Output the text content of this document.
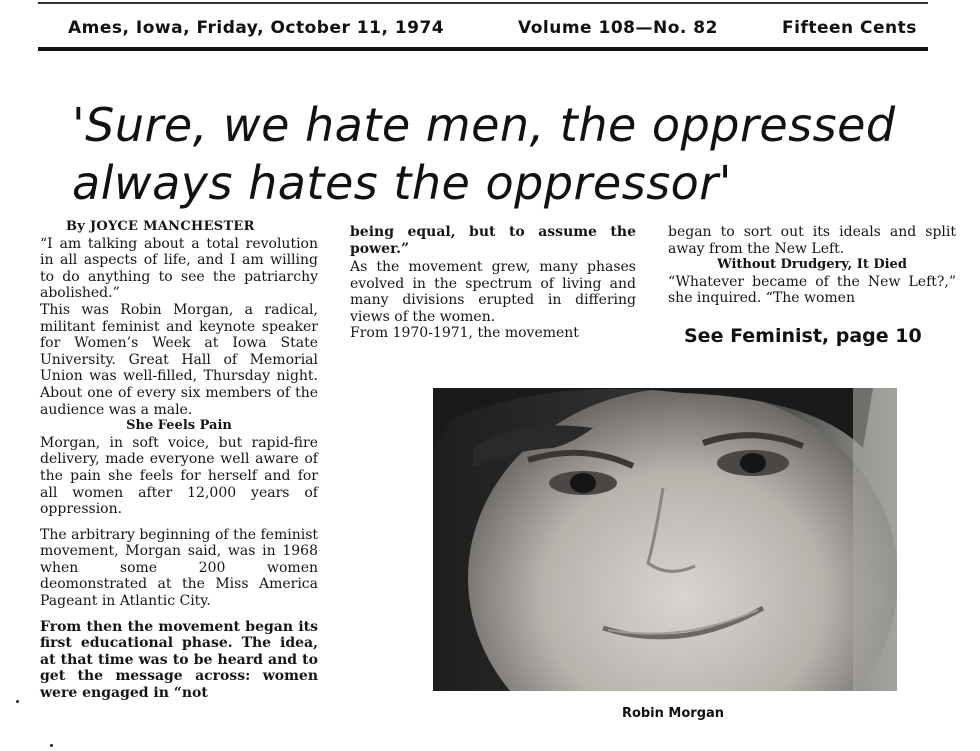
Ames, Iowa, Friday, October 11, 1974	Volume 108—No. 82	Fifteen Cents
'Sure, we hate men, the oppressed
always hates the oppressor'

By JOYCE MANCHESTER

“I am talking about a total revolution in all aspects of life, and I am willing to do anything to see the patriarchy abolished.”

This was Robin Morgan, a radical, militant feminist and keynote speaker for Women’s Week at Iowa State University. Great Hall of Memorial Union was well-filled, Thursday night. About one of every six members of the audience was a male.

She Feels Pain

Morgan, in soft voice, but rapid-fire delivery, made everyone well aware of the pain she feels for herself and for all women after 12,000 years of oppression.

The arbitrary beginning of the feminist movement, Morgan said, was in 1968 when some 200 women deomonstrated at the Miss America Pageant in Atlantic City.

From then the movement began its first educational phase. The idea, at that time was to be heard and to get the message across: women were engaged in “not

being equal, but to assume the power.”

As the movement grew, many phases evolved in the spectrum of living and many divisions erupted in differing views of the women.

From 1970-1971, the movement

began to sort out its ideals and split away from the New Left.

Without Drudgery, It Died

“Whatever became of the New Left?,” she inquired. “The women

See Feminist, page 10
Robin Morgan
